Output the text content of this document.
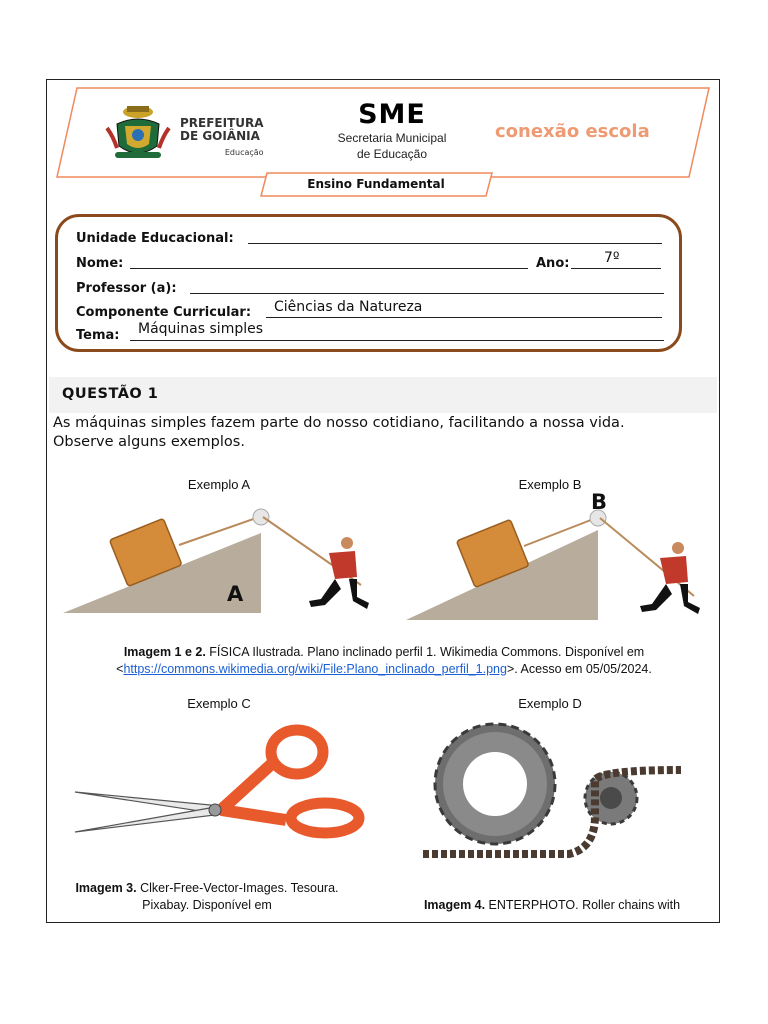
PREFEITURA
DE GOIÂNIA
Educação
SME
Secretaria Municipal
de Educação
conexão escola
Ensino Fundamental
Unidade Educacional:
Nome:	Ano: 7º
Professor (a):
Componente Curricular: Ciências da Natureza
Tema: Máquinas simples
QUESTÃO 1
As máquinas simples fazem parte do nosso cotidiano, facilitando a nossa vida.
Observe alguns exemplos.
Exemplo A	Exemplo B
A
B
Imagem 1 e 2. FÍSICA Ilustrada. Plano inclinado perfil 1. Wikimedia Commons. Disponível em
<https://commons.wikimedia.org/wiki/File:Plano_inclinado_perfil_1.png>. Acesso em 05/05/2024.
Exemplo C	Exemplo D
Imagem 3. Clker-Free-Vector-Images. Tesoura.
Pixabay. Disponível em	Imagem 4. ENTERPHOTO. Roller chains with
